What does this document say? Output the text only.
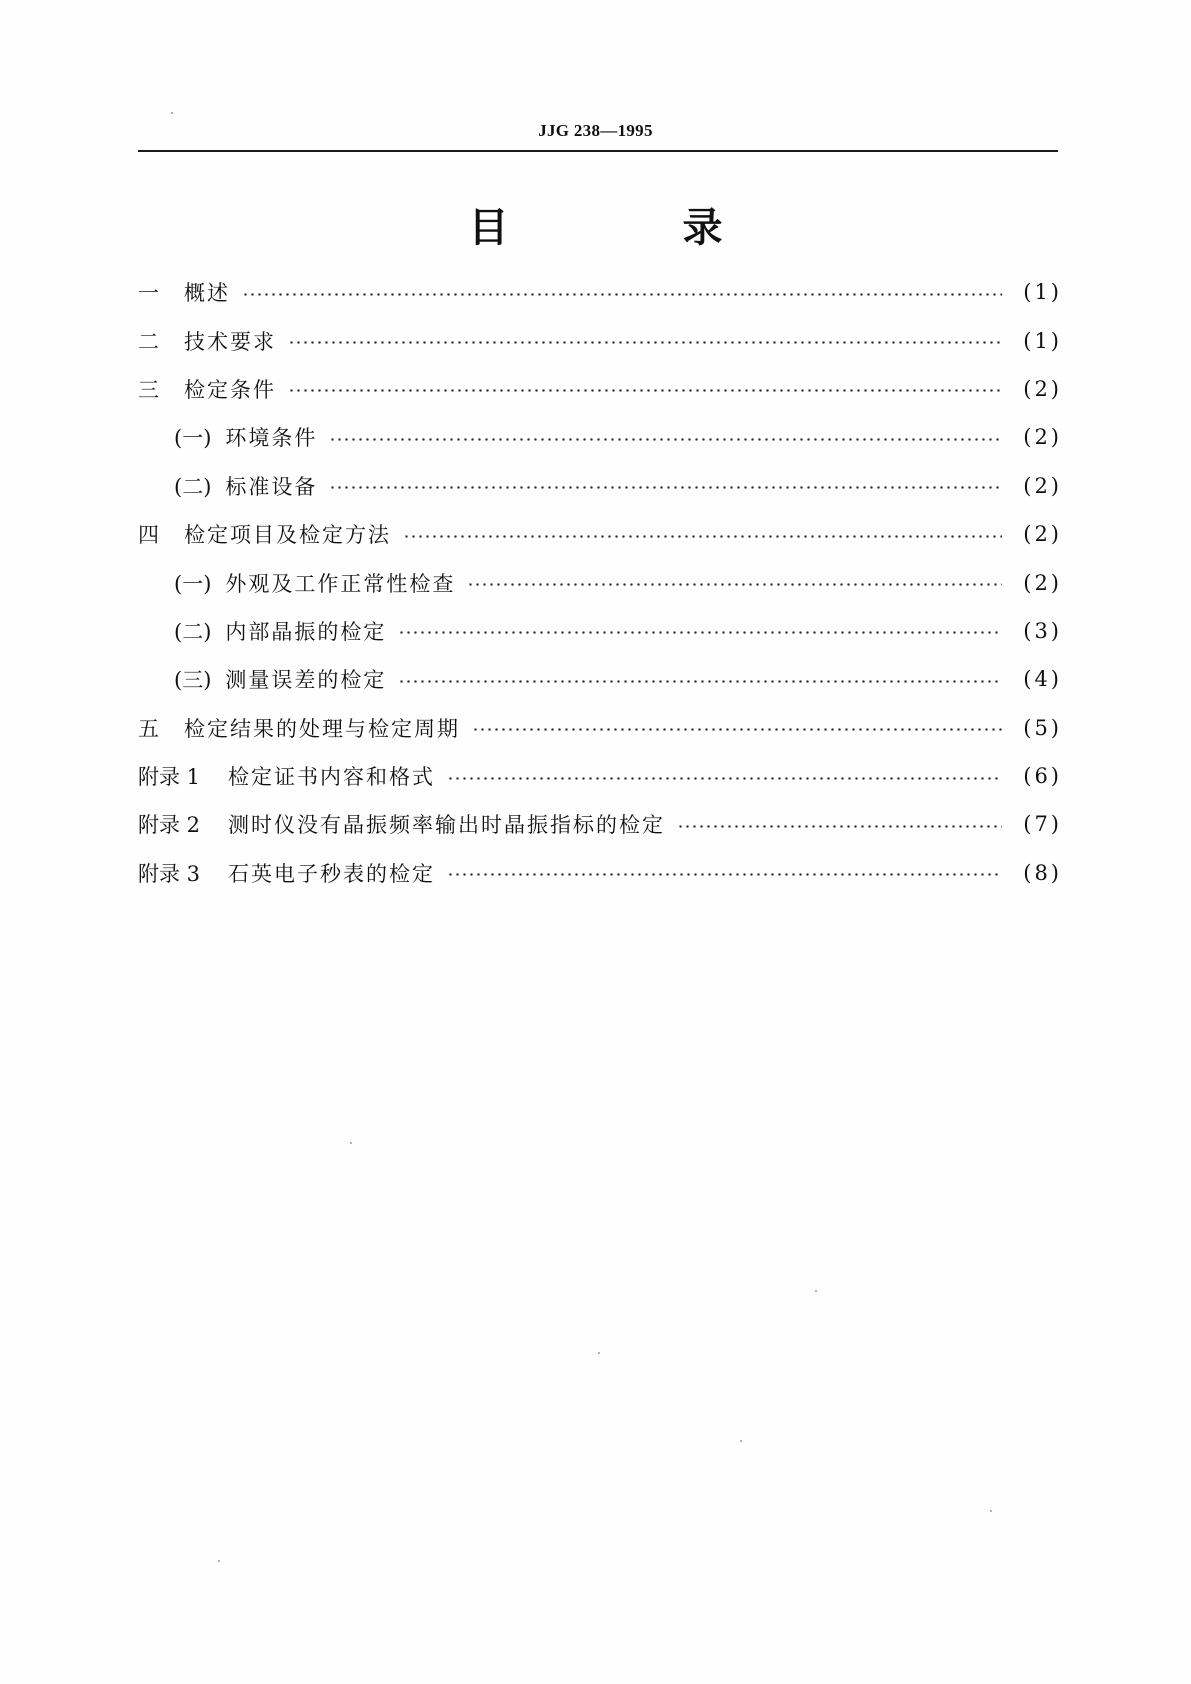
JJG 238—1995
目 录
一	概述	(1)
二	技术要求	(1)
三	检定条件	(2)
(一) 环境条件	(2)
(二) 标准设备	(2)
四	检定项目及检定方法	(2)
(一) 外观及工作正常性检查	(2)
(二) 内部晶振的检定	(3)
(三) 测量误差的检定	(4)
五	检定结果的处理与检定周期	(5)
附录 1	检定证书内容和格式	(6)
附录 2	测时仪没有晶振频率输出时晶振指标的检定	(7)
附录 3	石英电子秒表的检定	(8)
